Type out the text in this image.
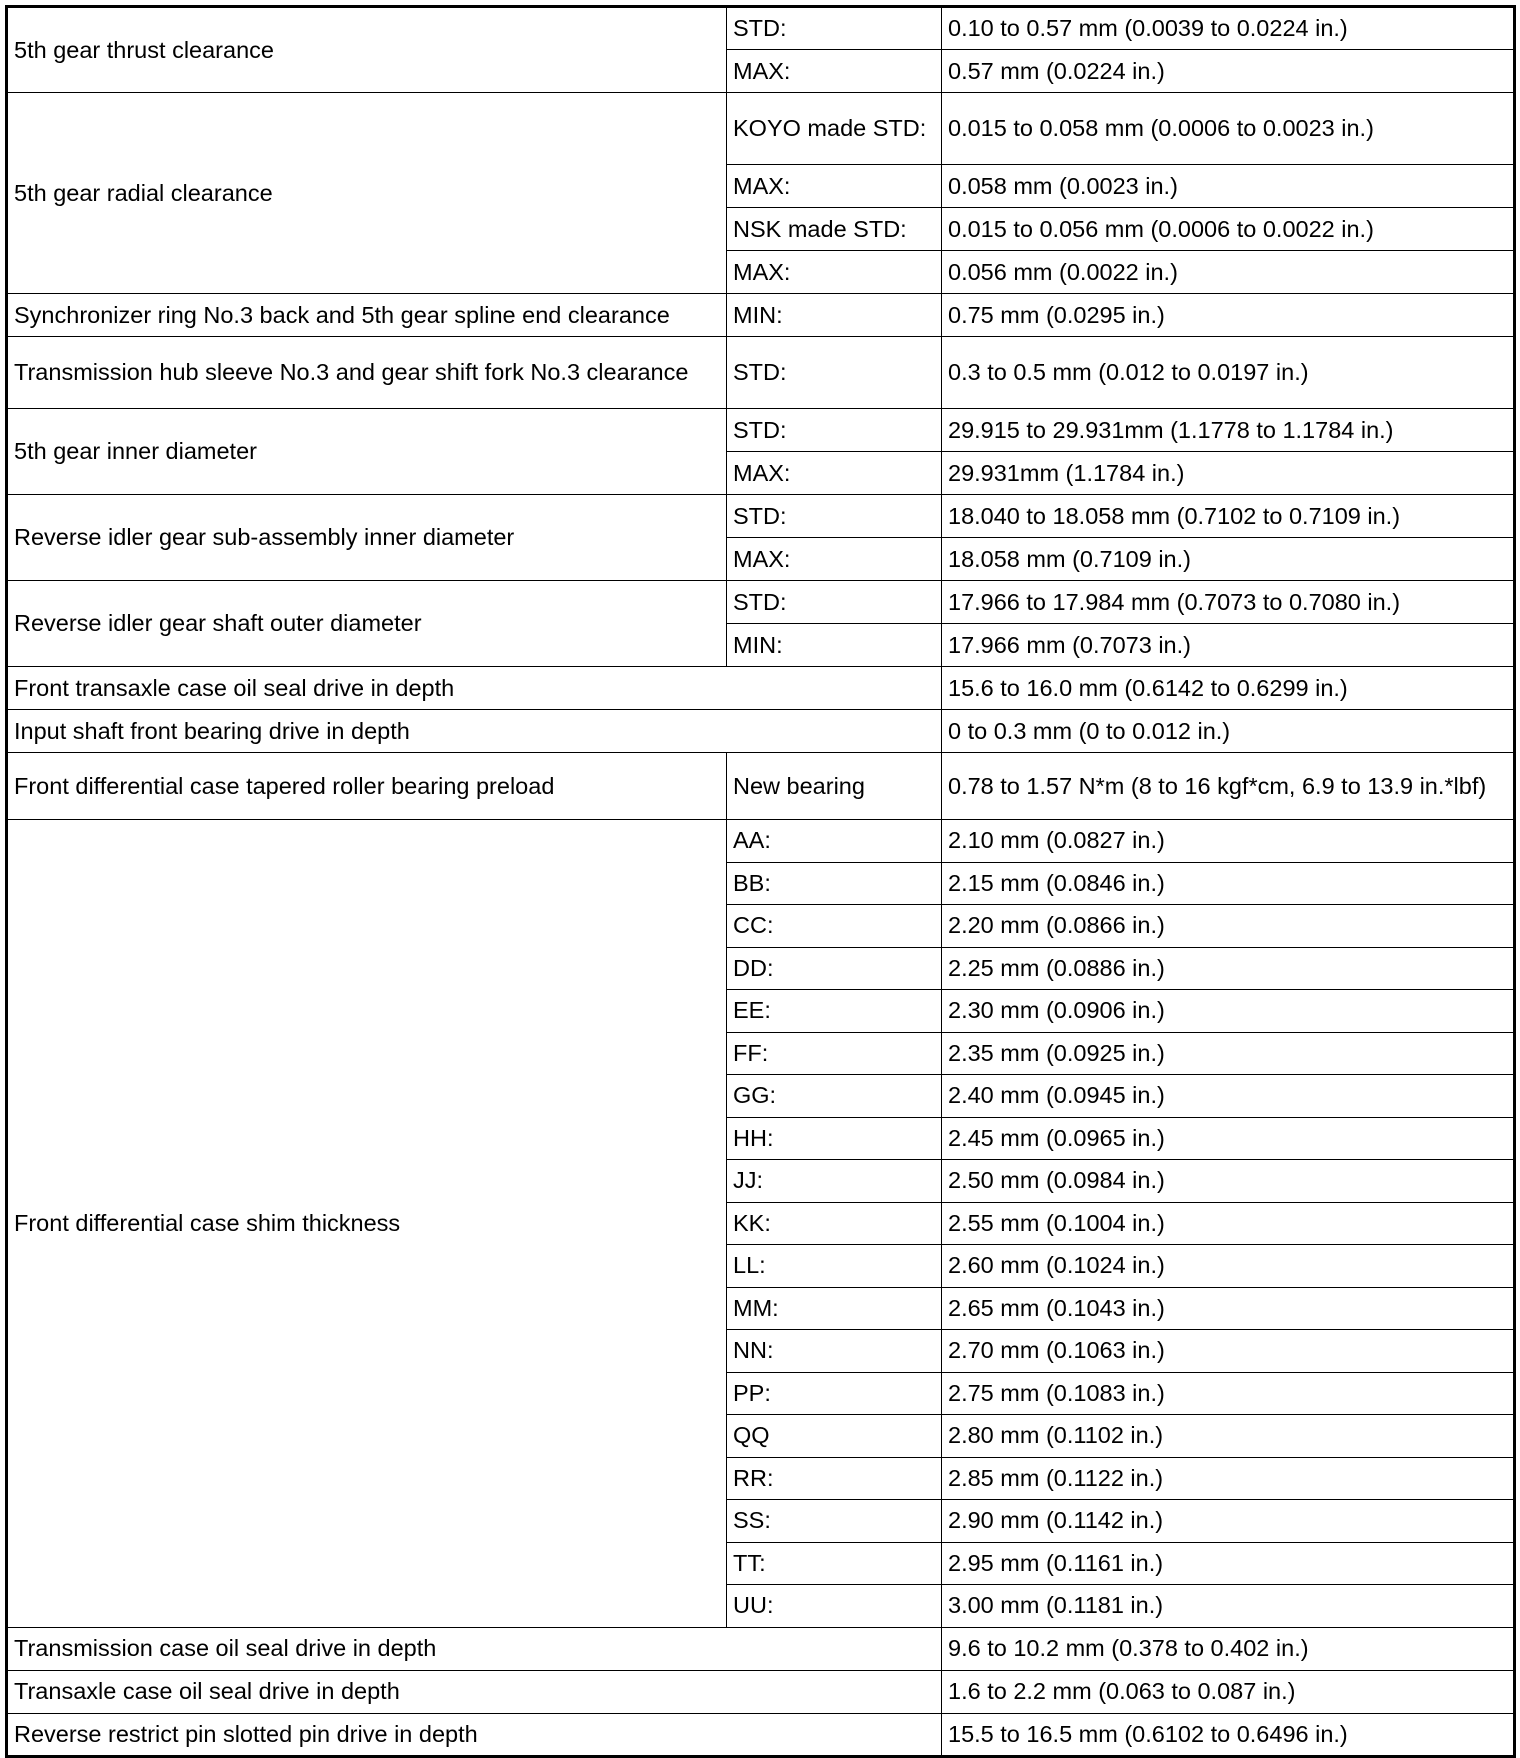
5th gear thrust clearance	STD:	0.10 to 0.57 mm (0.0039 to 0.0224 in.)
	MAX:	0.57 mm (0.0224 in.)
5th gear radial clearance	KOYO made STD:	0.015 to 0.058 mm (0.0006 to 0.0023 in.)
	MAX:	0.058 mm (0.0023 in.)
	NSK made STD:	0.015 to 0.056 mm (0.0006 to 0.0022 in.)
	MAX:	0.056 mm (0.0022 in.)
Synchronizer ring No.3 back and 5th gear spline end clearance	MIN:	0.75 mm (0.0295 in.)
Transmission hub sleeve No.3 and gear shift fork No.3 clearance	STD:	0.3 to 0.5 mm (0.012 to 0.0197 in.)
5th gear inner diameter	STD:	29.915 to 29.931mm (1.1778 to 1.1784 in.)
	MAX:	29.931mm (1.1784 in.)
Reverse idler gear sub-assembly inner diameter	STD:	18.040 to 18.058 mm (0.7102 to 0.7109 in.)
	MAX:	18.058 mm (0.7109 in.)
Reverse idler gear shaft outer diameter	STD:	17.966 to 17.984 mm (0.7073 to 0.7080 in.)
	MIN:	17.966 mm (0.7073 in.)
Front transaxle case oil seal drive in depth		15.6 to 16.0 mm (0.6142 to 0.6299 in.)
Input shaft front bearing drive in depth		0 to 0.3 mm (0 to 0.012 in.)
Front differential case tapered roller bearing preload	New bearing	0.78 to 1.57 N*m (8 to 16 kgf*cm, 6.9 to 13.9 in.*lbf)
Front differential case shim thickness	AA:	2.10 mm (0.0827 in.)
	BB:	2.15 mm (0.0846 in.)
	CC:	2.20 mm (0.0866 in.)
	DD:	2.25 mm (0.0886 in.)
	EE:	2.30 mm (0.0906 in.)
	FF:	2.35 mm (0.0925 in.)
	GG:	2.40 mm (0.0945 in.)
	HH:	2.45 mm (0.0965 in.)
	JJ:	2.50 mm (0.0984 in.)
	KK:	2.55 mm (0.1004 in.)
	LL:	2.60 mm (0.1024 in.)
	MM:	2.65 mm (0.1043 in.)
	NN:	2.70 mm (0.1063 in.)
	PP:	2.75 mm (0.1083 in.)
	QQ	2.80 mm (0.1102 in.)
	RR:	2.85 mm (0.1122 in.)
	SS:	2.90 mm (0.1142 in.)
	TT:	2.95 mm (0.1161 in.)
	UU:	3.00 mm (0.1181 in.)
Transmission case oil seal drive in depth		9.6 to 10.2 mm (0.378 to 0.402 in.)
Transaxle case oil seal drive in depth		1.6 to 2.2 mm (0.063 to 0.087 in.)
Reverse restrict pin slotted pin drive in depth		15.5 to 16.5 mm (0.6102 to 0.6496 in.)
